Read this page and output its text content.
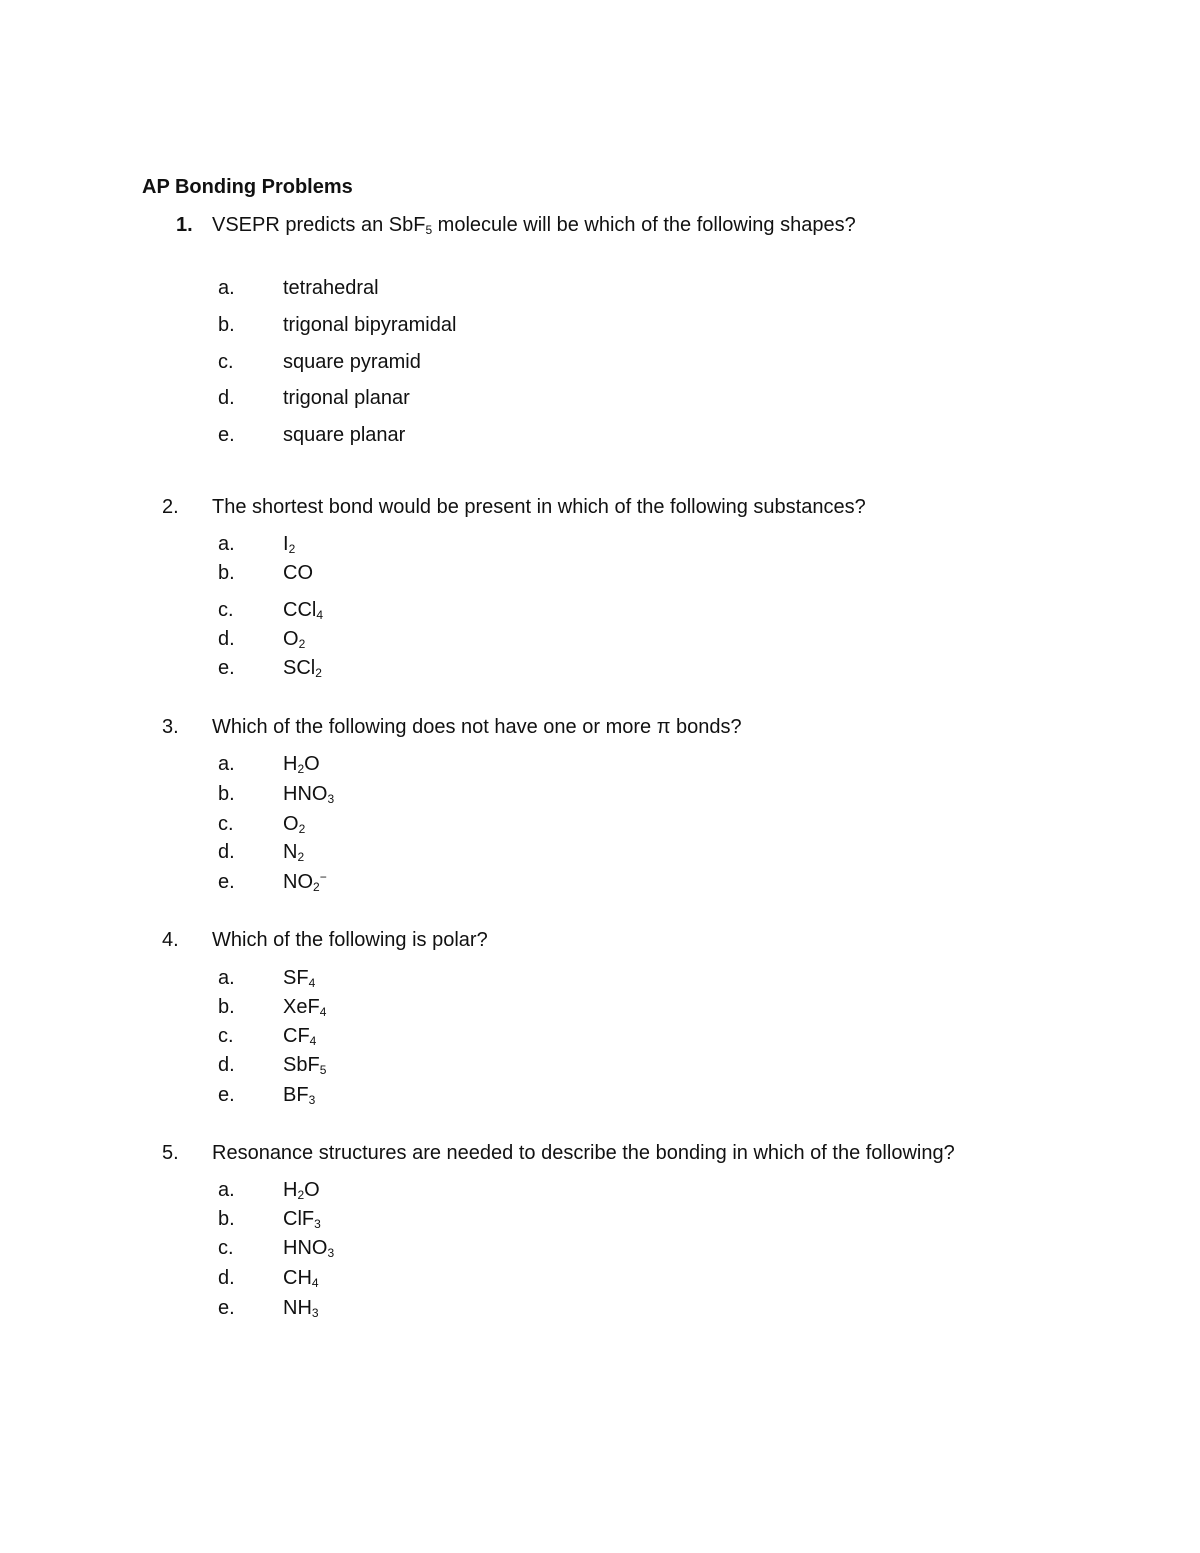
AP Bonding Problems
1. VSEPR predicts an SbF$_5$ molecule will be which of the following shapes?
a. tetrahedral
b. trigonal bipyramidal
c. square pyramid
d. trigonal planar
e. square planar
2. The shortest bond would be present in which of the following substances?
a. $I_2$
b. CO
c. CCl$_4$
d. $O_2$
e. SCl$_2$
3. Which of the following does not have one or more π bonds?
a. $H_2O$
b. $HNO_3$
c. $O_2$
d. $N_2$
e. $NO_2^-$
4. Which of the following is polar?
a. $SF_4$
b. XeF$_4$
c. $CF_4$
d. SbF$_5$
e. $BF_3$
5. Resonance structures are needed to describe the bonding in which of the following?
a. $H_2O$
b. ClF$_3$
c. $HNO_3$
d. $CH_4$
e. $NH_3$
